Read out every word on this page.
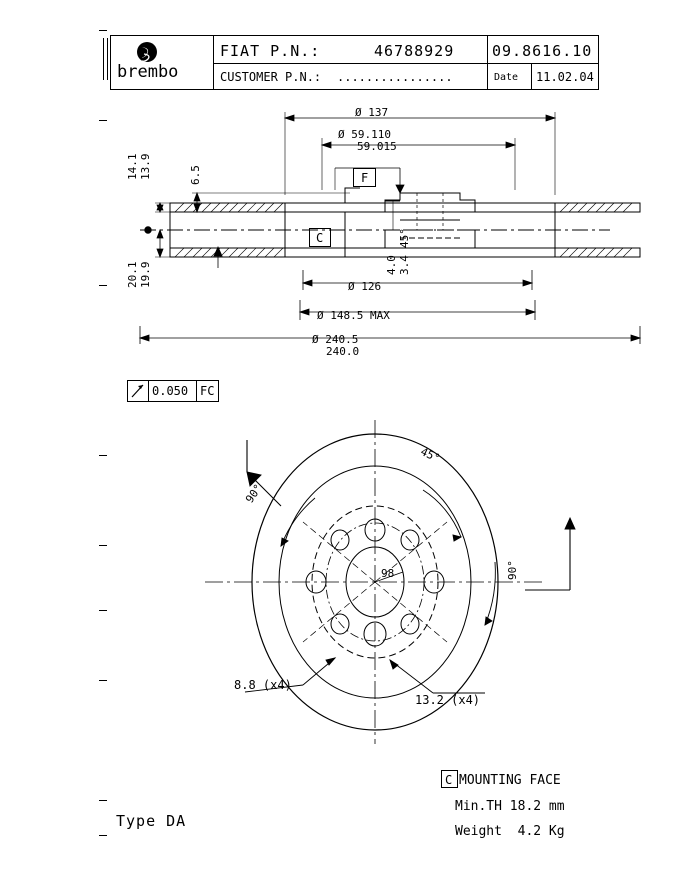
brembo
FIAT P.N.:	46788929
CUSTOMER P.N.: ................
09.8616.10
Date 11.02.04
Ø 137
Ø 59.110
59.015
F
C
Ø 126
Ø 148.5 MAX
Ø 240.5
240.0
14.1 13.9	6.5
20.1 19.9	4.0 3.4
45°
0.050 FC
45°
90°
90°
98
8.8 (x4)
13.2 (x4)
C MOUNTING FACE
Min.TH 18.2 mm
Weight  4.2 Kg
Type DA
